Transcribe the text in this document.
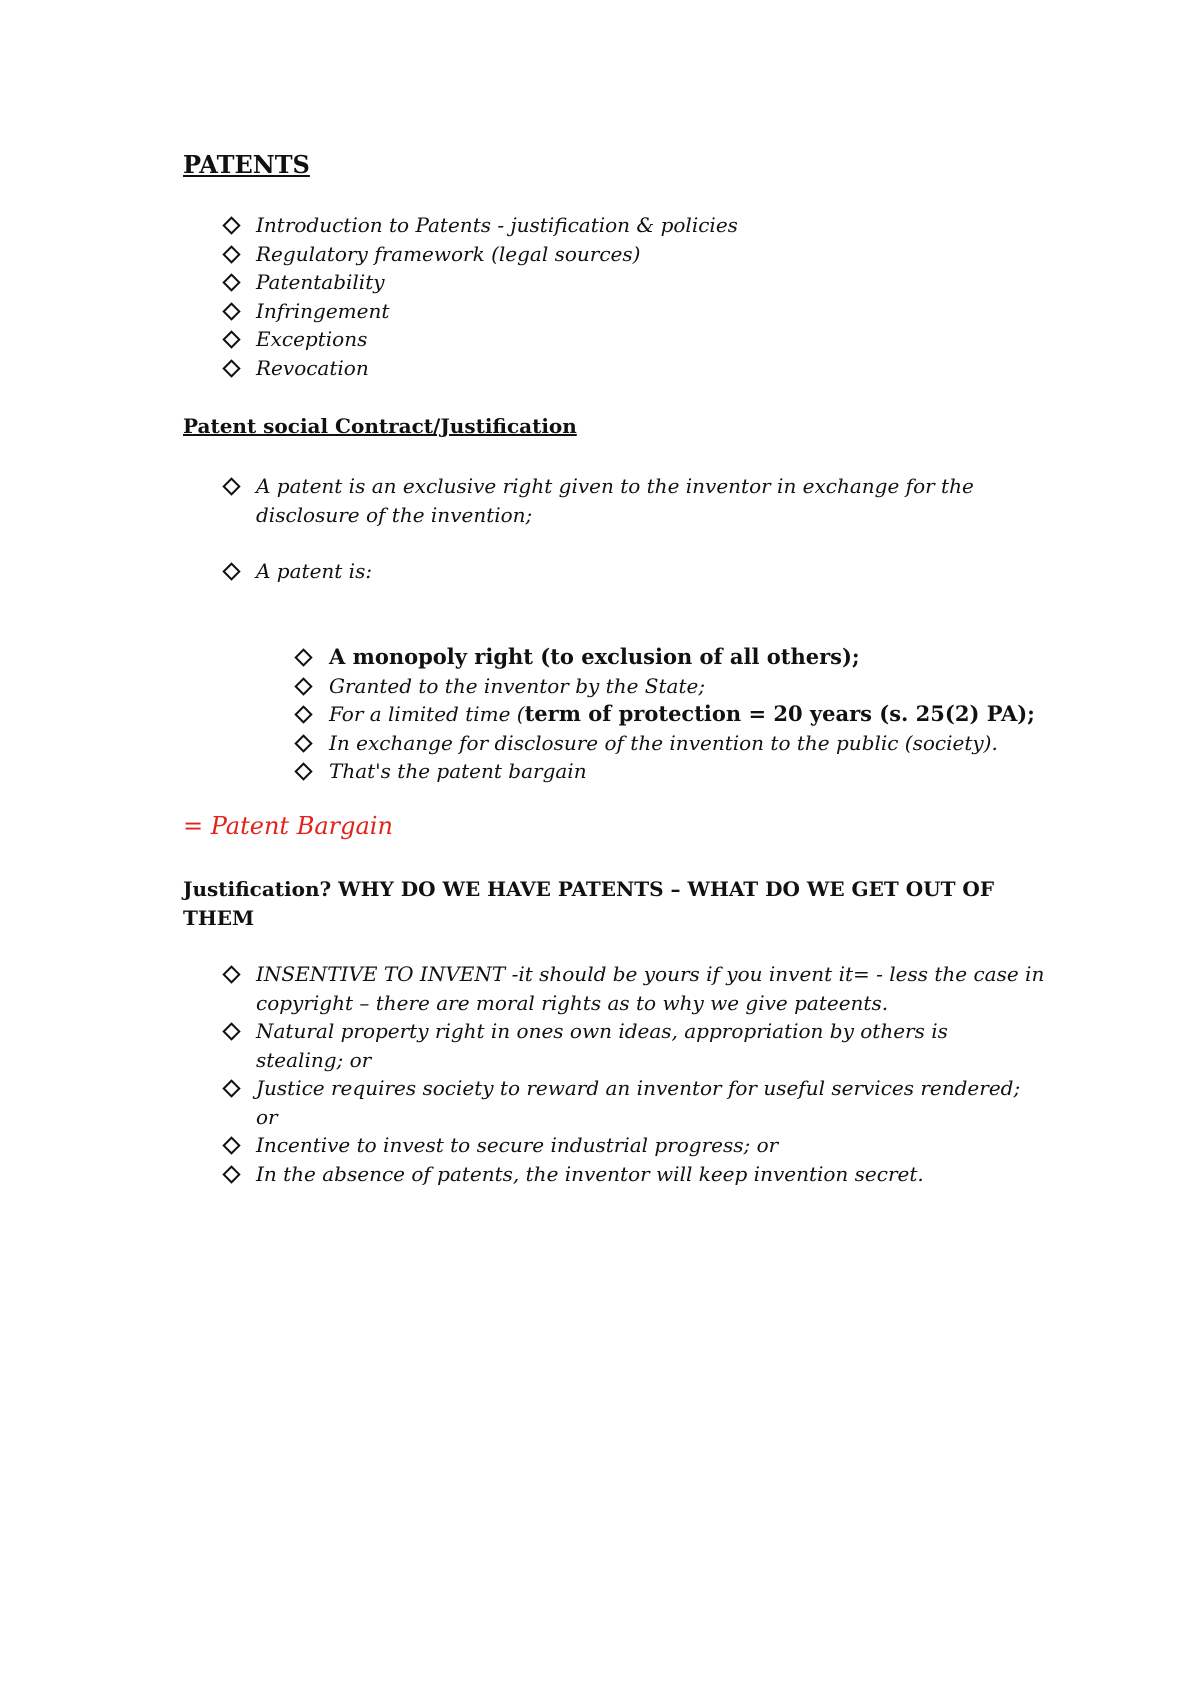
PATENTS
Introduction to Patents - justification & policies
Regulatory framework (legal sources)
Patentability
Infringement
Exceptions
Revocation
Patent social Contract/Justification
A patent is an exclusive right given to the inventor in exchange for the
disclosure of the invention;
A patent is:
A monopoly right (to exclusion of all others);
Granted to the inventor by the State;
For a limited time (term of protection = 20 years (s. 25(2) PA);
In exchange for disclosure of the invention to the public (society).
That's the patent bargain
= Patent Bargain
Justification? WHY DO WE HAVE PATENTS – WHAT DO WE GET OUT OF
THEM
INSENTIVE TO INVENT -it should be yours if you invent it= - less the case in
copyright – there are moral rights as to why we give pateents.
Natural property right in ones own ideas, appropriation by others is
stealing; or
Justice requires society to reward an inventor for useful services rendered;
or
Incentive to invest to secure industrial progress; or
In the absence of patents, the inventor will keep invention secret.
